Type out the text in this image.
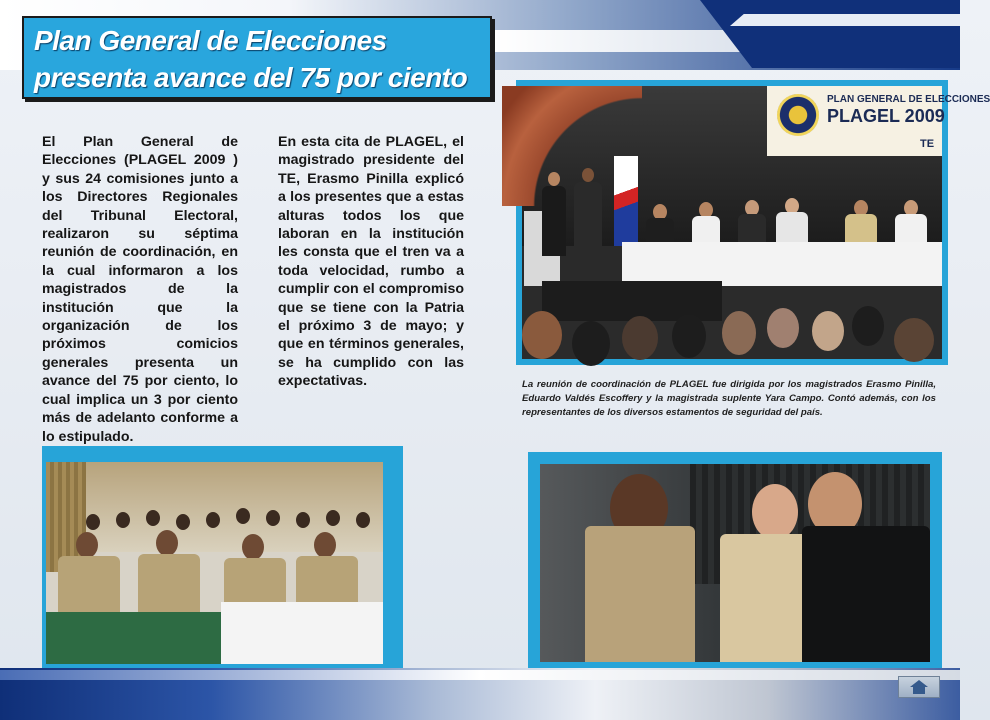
Plan General de Elecciones
presenta avance del 75 por ciento
El Plan General de Elecciones (PLAGEL 2009 ) y sus 24 comisiones junto a los Directores Regionales del Tribunal Electoral, realizaron su séptima reunión de coordinación, en la cual informaron a los magistrados de la institución que la organización de los próximos comicios generales presenta un avance del 75 por ciento, lo cual implica un 3 por ciento más de adelanto conforme a lo estipulado.
En esta cita de PLAGEL, el magistrado presidente del TE, Erasmo Pinilla explicó a los presentes que a estas alturas todos los que laboran en la institución les consta que el tren va a toda velocidad, rumbo a cumplir con el compromiso que se tiene con la Patria el próximo 3 de mayo; y que en términos generales, se ha cumplido con las expectativas.
PLAN GENERAL DE ELECCIONES
PLAGEL 2009
TE
La reunión de coordinación de PLAGEL fue dirigida por los magistrados Erasmo Pinilla, Eduardo Valdés Escoffery y la magistrada suplente Yara Campo. Contó además, con los representantes de los diversos estamentos de seguridad del país.
